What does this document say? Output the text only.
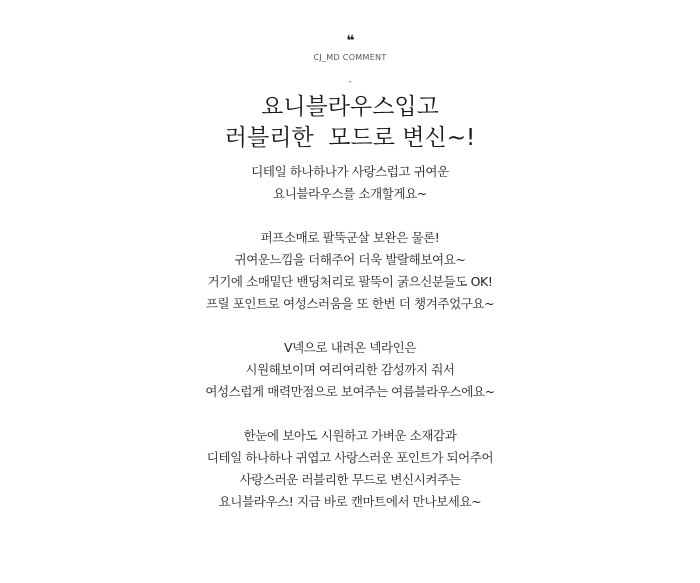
❝
CJ_MD COMMENT
-
요니블라우스입고
러블리한  모드로 변신~!
디테일 하나하나가 사랑스럽고 귀여운
요니블라우스를 소개할게요~
퍼프소매로 팔뚝군살 보완은 물론!
귀여운느낌을 더해주어 더욱 발랄해보여요~
거기에 소매밑단 밴딩처리로 팔뚝이 굵으신분들도 OK!
프릴 포인트로 여성스러움을 또 한번 더 챙겨주었구요~
V넥으로 내려온 넥라인은
시원해보이며 여리여리한 감성까지 줘서
여성스럽게 매력만점으로 보여주는 여름블라우스에요~
한눈에 보아도 시원하고 가벼운 소재감과
디테일 하나하나 귀엽고 사랑스러운 포인트가 되어주어
사랑스러운 러블리한 무드로 변신시켜주는
요니블라우스! 지금 바로 캔마트에서 만나보세요~
